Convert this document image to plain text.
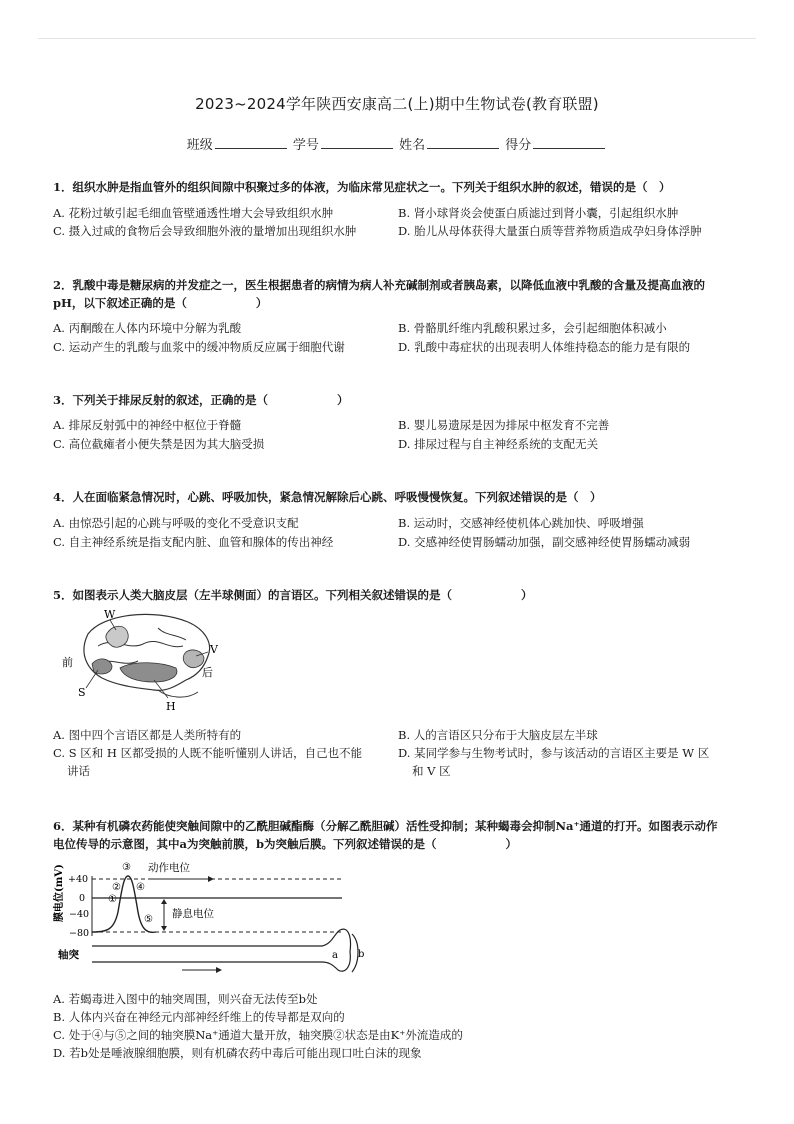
2023~2024学年陕西安康高二(上)期中生物试卷(教育联盟)
班级	学号	姓名	得分
1．组织水肿是指血管外的组织间隙中积聚过多的体液，为临床常见症状之一。下列关于组织水肿的叙述，错误的是（　）
A. 花粉过敏引起毛细血管壁通透性增大会导致组织水肿	B. 肾小球肾炎会使蛋白质滤过到肾小囊，引起组织水肿
C. 摄入过咸的食物后会导致细胞外液的量增加出现组织水肿	D. 胎儿从母体获得大量蛋白质等营养物质造成孕妇身体浮肿
2．乳酸中毒是糖尿病的并发症之一，医生根据患者的病情为病人补充碱制剂或者胰岛素，以降低血液中乳酸的含量及提高血液的
pH，以下叙述正确的是（　　　　　　）
A. 丙酮酸在人体内环境中分解为乳酸	B. 骨骼肌纤维内乳酸积累过多，会引起细胞体积减小
C. 运动产生的乳酸与血浆中的缓冲物质反应属于细胞代谢	D. 乳酸中毒症状的出现表明人体维持稳态的能力是有限的
3．下列关于排尿反射的叙述，正确的是（　　　　　　）
A. 排尿反射弧中的神经中枢位于脊髓	B. 婴儿易遗尿是因为排尿中枢发育不完善
C. 高位截瘫者小便失禁是因为其大脑受损	D. 排尿过程与自主神经系统的支配无关
4．人在面临紧急情况时，心跳、呼吸加快，紧急情况解除后心跳、呼吸慢慢恢复。下列叙述错误的是（　）
A. 由惊恐引起的心跳与呼吸的变化不受意识支配	B. 运动时，交感神经使机体心跳加快、呼吸增强
C. 自主神经系统是指支配内脏、血管和腺体的传出神经	D. 交感神经使胃肠蠕动加强，副交感神经使胃肠蠕动减弱
5．如图表示人类大脑皮层（左半球侧面）的言语区。下列相关叙述错误的是（　　　　　　）
W
V
S
H
前
后
A. 图中四个言语区都是人类所特有的	B. 人的言语区只分布于大脑皮层左半球
C. S 区和 H 区都受损的人既不能听懂别人讲话，自己也不能
讲话
D. 某同学参与生物考试时，参与该活动的言语区主要是 W 区
和 V 区
6．某种有机磷农药能使突触间隙中的乙酰胆碱酯酶（分解乙酰胆碱）活性受抑制；某种蝎毒会抑制Na⁺通道的打开。如图表示动作
电位传导的示意图，其中a为突触前膜，b为突触后膜。下列叙述错误的是（　　　　　　）
膜电位(mV) +40
0
−40
−80
静息电位
动作电位
①
②
③
④
⑤
轴突	a b
A. 若蝎毒进入图中的轴突周围，则兴奋无法传至b处
B. 人体内兴奋在神经元内部神经纤维上的传导都是双向的
C. 处于④与⑤之间的轴突膜Na⁺通道大量开放，轴突膜②状态是由K⁺外流造成的
D. 若b处是唾液腺细胞膜，则有机磷农药中毒后可能出现口吐白沫的现象
